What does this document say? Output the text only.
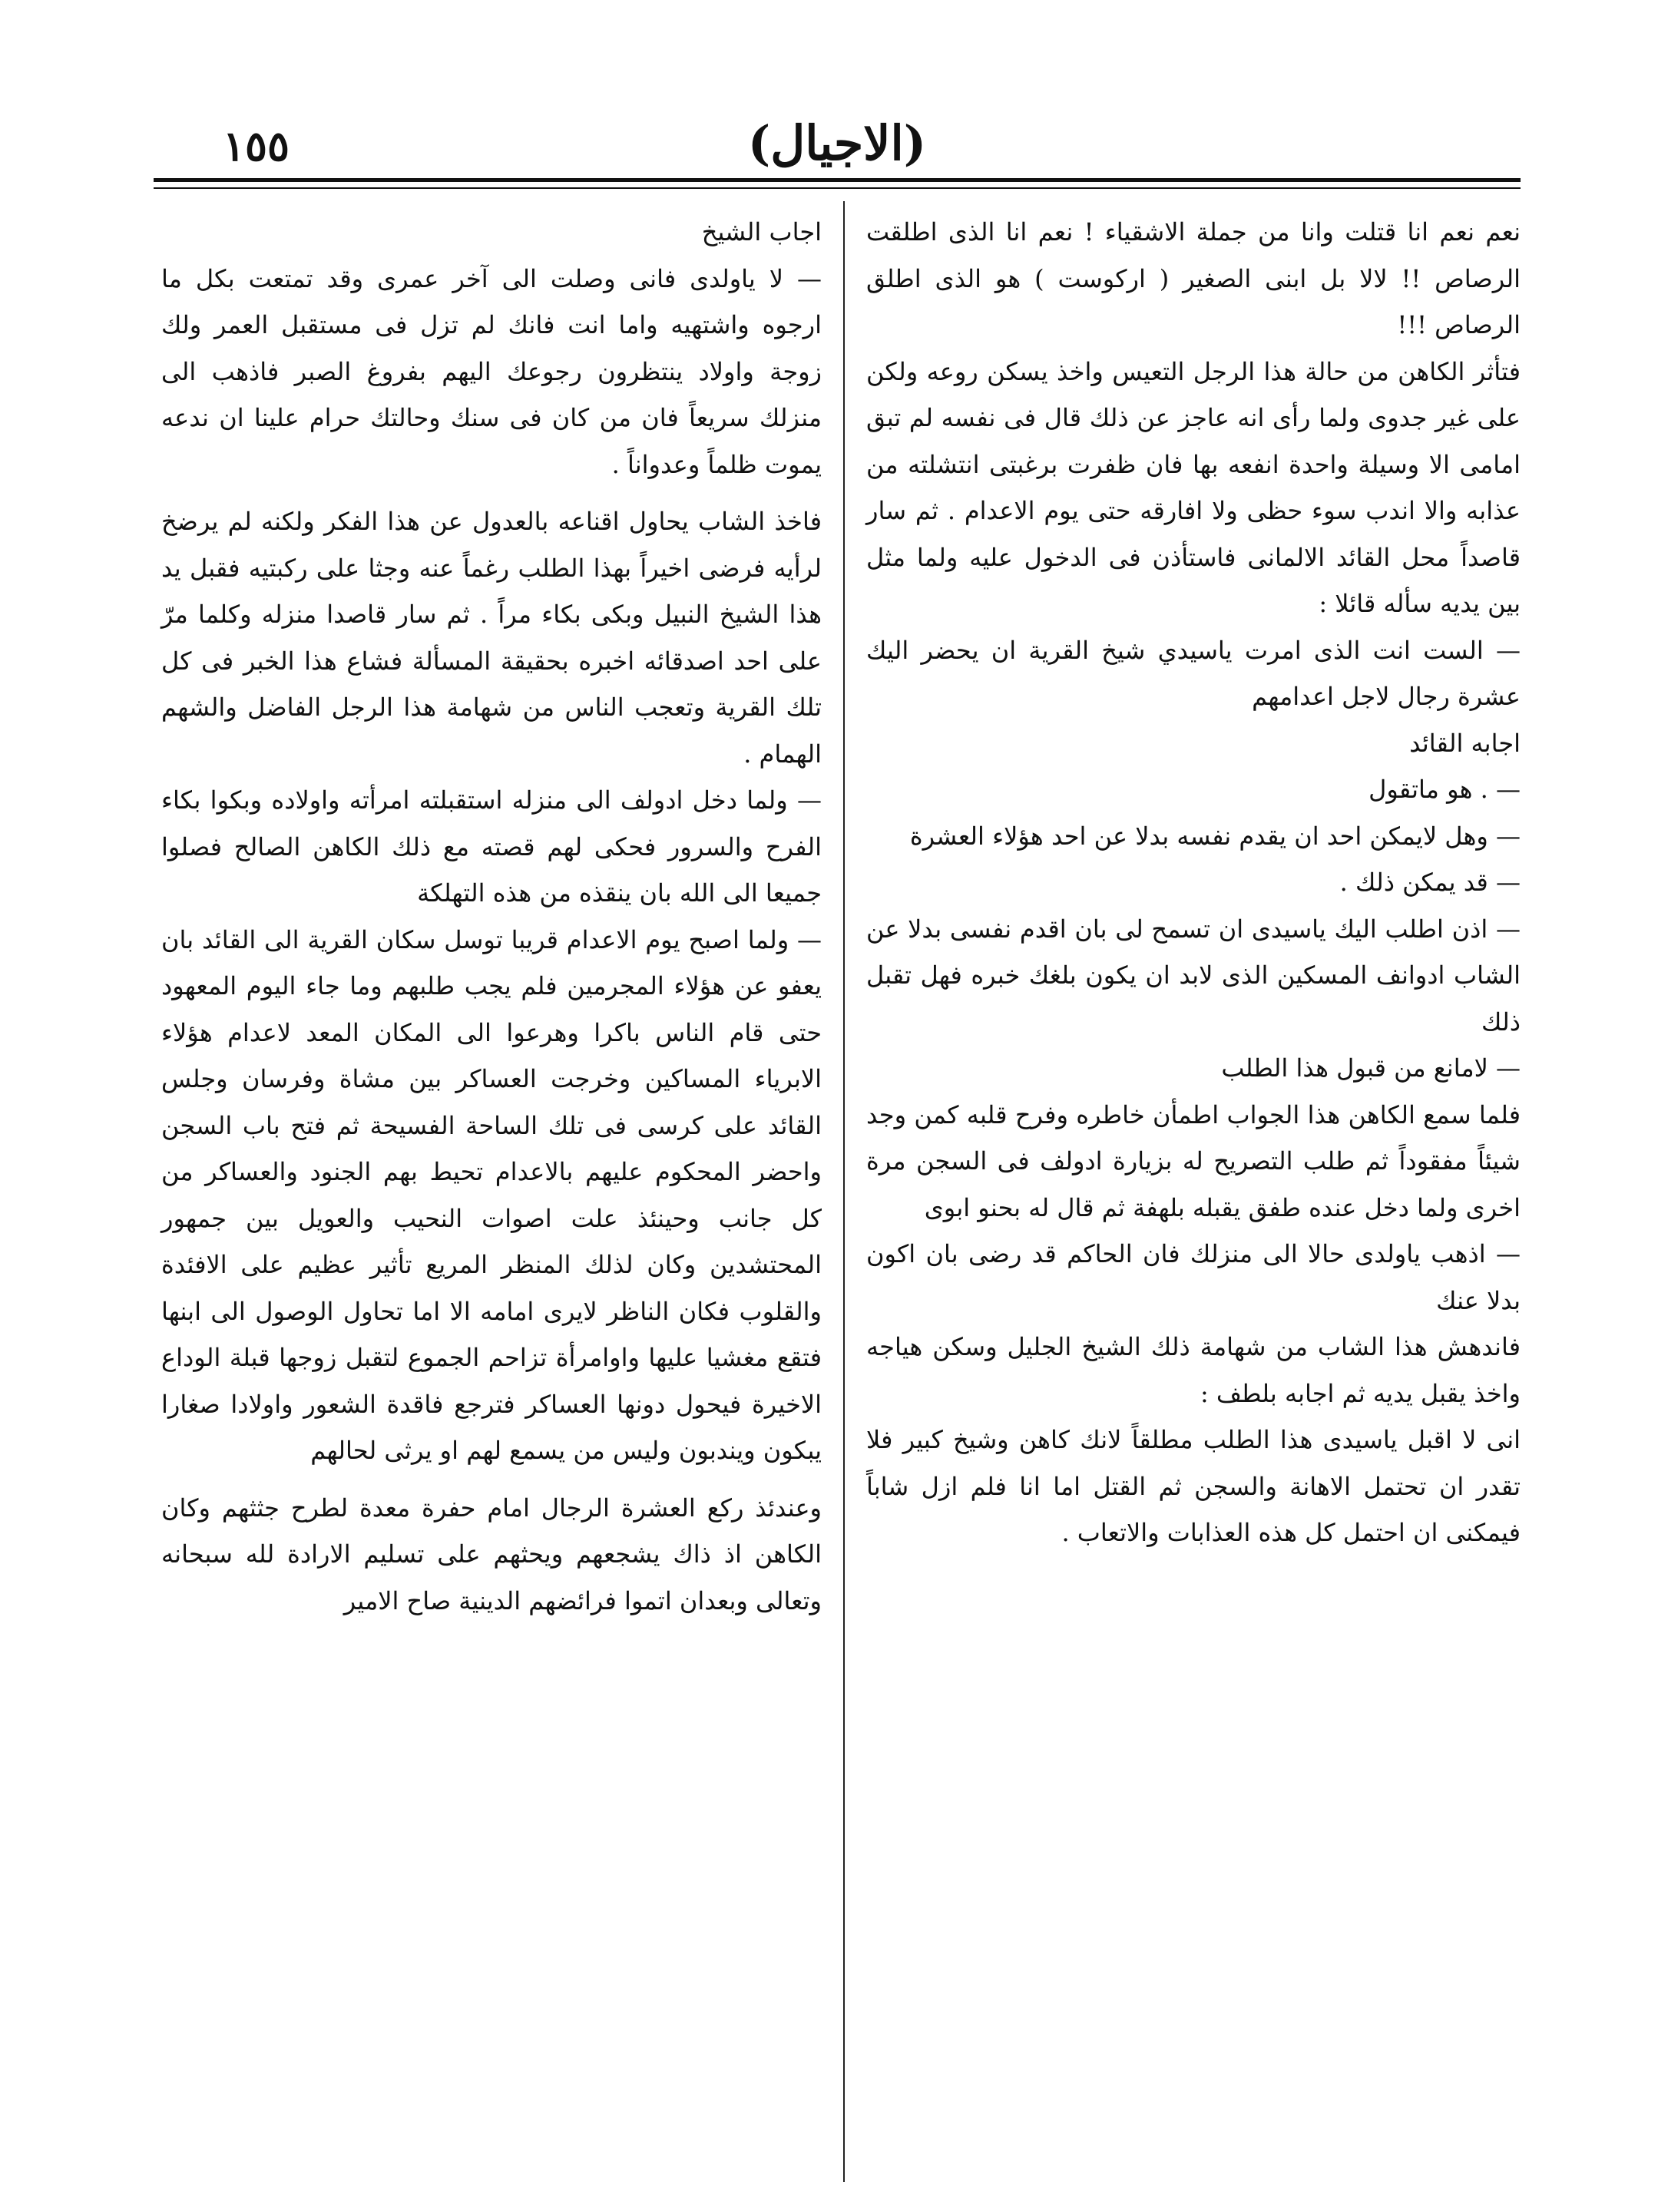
١٥٥	(الاجيال)

نعم نعم انا قتلت وانا من جملة الاشقياء ! نعم انا الذى اطلقت الرصاص !! لالا بل ابنى الصغير ( اركوست ) هو الذى اطلق الرصاص !!!

فتأثر الكاهن من حالة هذا الرجل التعيس واخذ يسكن روعه ولكن على غير جدوى ولما رأى انه عاجز عن ذلك قال فى نفسه لم تبق امامى الا وسيلة واحدة انفعه بها فان ظفرت برغبتى انتشلته من عذابه والا اندب سوء حظى ولا افارقه حتى يوم الاعدام . ثم سار قاصداً محل القائد الالمانى فاستأذن فى الدخول عليه ولما مثل بين يديه سأله قائلا :

— الست انت الذى امرت ياسيدي شيخ القرية ان يحضر اليك عشرة رجال لاجل اعدامهم

اجابه القائد

— . هو ماتقول

— وهل لايمكن احد ان يقدم نفسه بدلا عن احد هؤلاء العشرة

— قد يمكن ذلك .

— اذن اطلب اليك ياسيدى ان تسمح لى بان اقدم نفسى بدلا عن الشاب ادوانف المسكين الذى لابد ان يكون بلغك خبره فهل تقبل ذلك

— لامانع من قبول هذا الطلب

فلما سمع الكاهن هذا الجواب اطمأن خاطره وفرح قلبه كمن وجد شيئاً مفقوداً ثم طلب التصريح له بزيارة ادولف فى السجن مرة اخرى ولما دخل عنده طفق يقبله بلهفة ثم قال له بحنو ابوى

— اذهب ياولدى حالا الى منزلك فان الحاكم قد رضى بان اكون بدلا عنك

فاندهش هذا الشاب من شهامة ذلك الشيخ الجليل وسكن هياجه واخذ يقبل يديه ثم اجابه بلطف :

انى لا اقبل ياسيدى هذا الطلب مطلقاً لانك كاهن وشيخ كبير فلا تقدر ان تحتمل الاهانة والسجن ثم القتل اما انا فلم ازل شاباً فيمكنى ان احتمل كل هذه العذابات والاتعاب .

اجاب الشيخ

— لا ياولدى فانى وصلت الى آخر عمرى وقد تمتعت بكل ما ارجوه واشتهيه واما انت فانك لم تزل فى مستقبل العمر ولك زوجة واولاد ينتظرون رجوعك اليهم بفروغ الصبر فاذهب الى منزلك سريعاً فان من كان فى سنك وحالتك حرام علينا ان ندعه يموت ظلماً وعدواناً .

فاخذ الشاب يحاول اقناعه بالعدول عن هذا الفكر ولكنه لم يرضخ لرأيه فرضى اخيراً بهذا الطلب رغماً عنه وجثا على ركبتيه فقبل يد هذا الشيخ النبيل وبكى بكاء مراً . ثم سار قاصدا منزله وكلما مرّ على احد اصدقائه اخبره بحقيقة المسألة فشاع هذا الخبر فى كل تلك القرية وتعجب الناس من شهامة هذا الرجل الفاضل والشهم الهمام .

— ولما دخل ادولف الى منزله استقبلته امرأته واولاده وبكوا بكاء الفرح والسرور فحكى لهم قصته مع ذلك الكاهن الصالح فصلوا جميعا الى الله بان ينقذه من هذه التهلكة

— ولما اصبح يوم الاعدام قريبا توسل سكان القرية الى القائد بان يعفو عن هؤلاء المجرمين فلم يجب طلبهم وما جاء اليوم المعهود حتى قام الناس باكرا وهرعوا الى المكان المعد لاعدام هؤلاء الابرياء المساكين وخرجت العساكر بين مشاة وفرسان وجلس القائد على كرسى فى تلك الساحة الفسيحة ثم فتح باب السجن واحضر المحكوم عليهم بالاعدام تحيط بهم الجنود والعساكر من كل جانب وحينئذ علت اصوات النحيب والعويل بين جمهور المحتشدين وكان لذلك المنظر المريع تأثير عظيم على الافئدة والقلوب فكان الناظر لايرى امامه الا اما تحاول الوصول الى ابنها فتقع مغشيا عليها واوامرأة تزاحم الجموع لتقبل زوجها قبلة الوداع الاخيرة فيحول دونها العساكر فترجع فاقدة الشعور واولادا صغارا يبكون ويندبون وليس من يسمع لهم او يرثى لحالهم

وعندئذ ركع العشرة الرجال امام حفرة معدة لطرح جثثهم وكان الكاهن اذ ذاك يشجعهم ويحثهم على تسليم الارادة لله سبحانه وتعالى وبعدان اتموا فرائضهم الدينية صاح الامير
